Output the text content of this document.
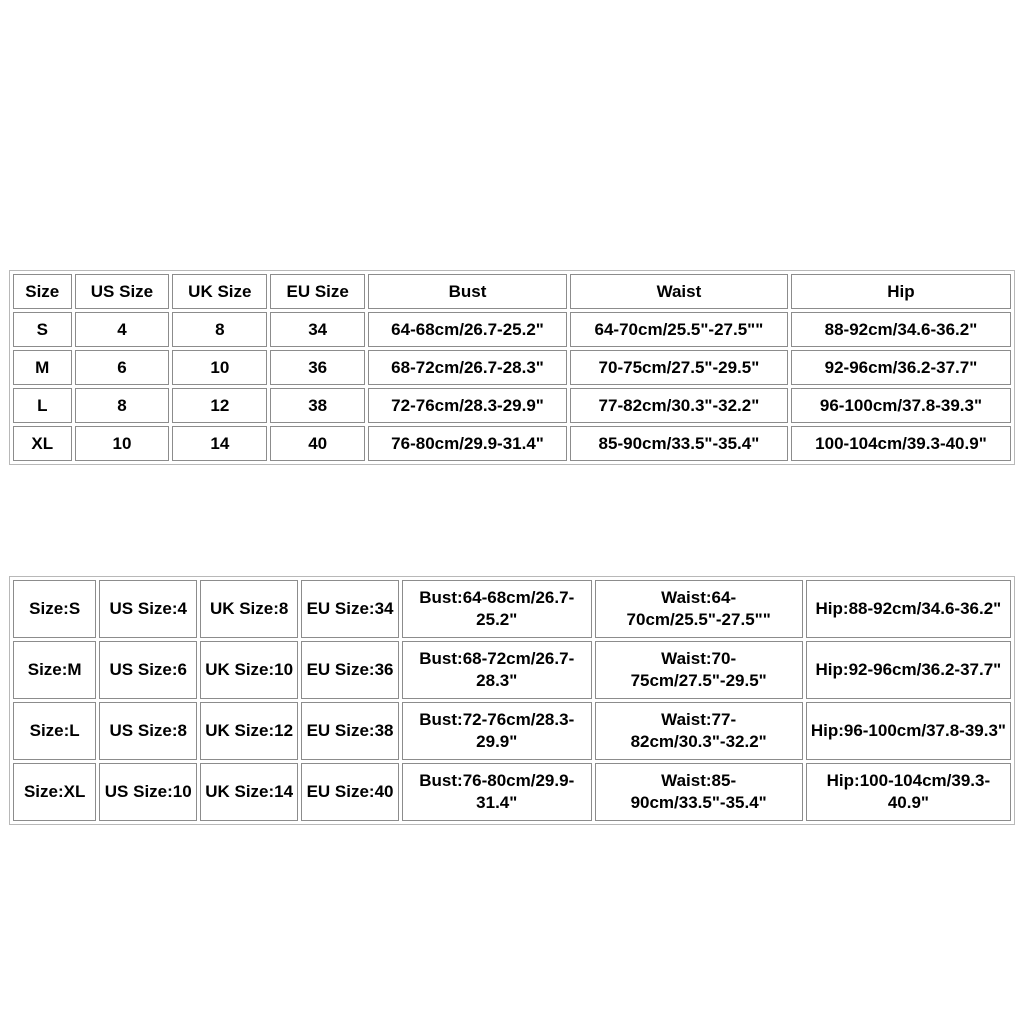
Size	US Size	UK Size	EU Size	Bust	Waist	Hip
S	4	8	34	64-68cm/26.7-25.2"	64-70cm/25.5"-27.5""	88-92cm/34.6-36.2"
M	6	10	36	68-72cm/26.7-28.3"	70-75cm/27.5"-29.5"	92-96cm/36.2-37.7"
L	8	12	38	72-76cm/28.3-29.9"	77-82cm/30.3"-32.2"	96-100cm/37.8-39.3"
XL	10	14	40	76-80cm/29.9-31.4"	85-90cm/33.5"-35.4"	100-104cm/39.3-40.9"
Size:S	US Size:4	UK Size:8	EU Size:34	Bust:64-68cm/26.7-25.2"	Waist:64-70cm/25.5"-27.5""	Hip:88-92cm/34.6-36.2"
Size:M	US Size:6	UK Size:10	EU Size:36	Bust:68-72cm/26.7-28.3"	Waist:70-75cm/27.5"-29.5"	Hip:92-96cm/36.2-37.7"
Size:L	US Size:8	UK Size:12	EU Size:38	Bust:72-76cm/28.3-29.9"	Waist:77-82cm/30.3"-32.2"	Hip:96-100cm/37.8-39.3"
Size:XL	US Size:10	UK Size:14	EU Size:40	Bust:76-80cm/29.9-31.4"	Waist:85-90cm/33.5"-35.4"	Hip:100-104cm/39.3-40.9"
